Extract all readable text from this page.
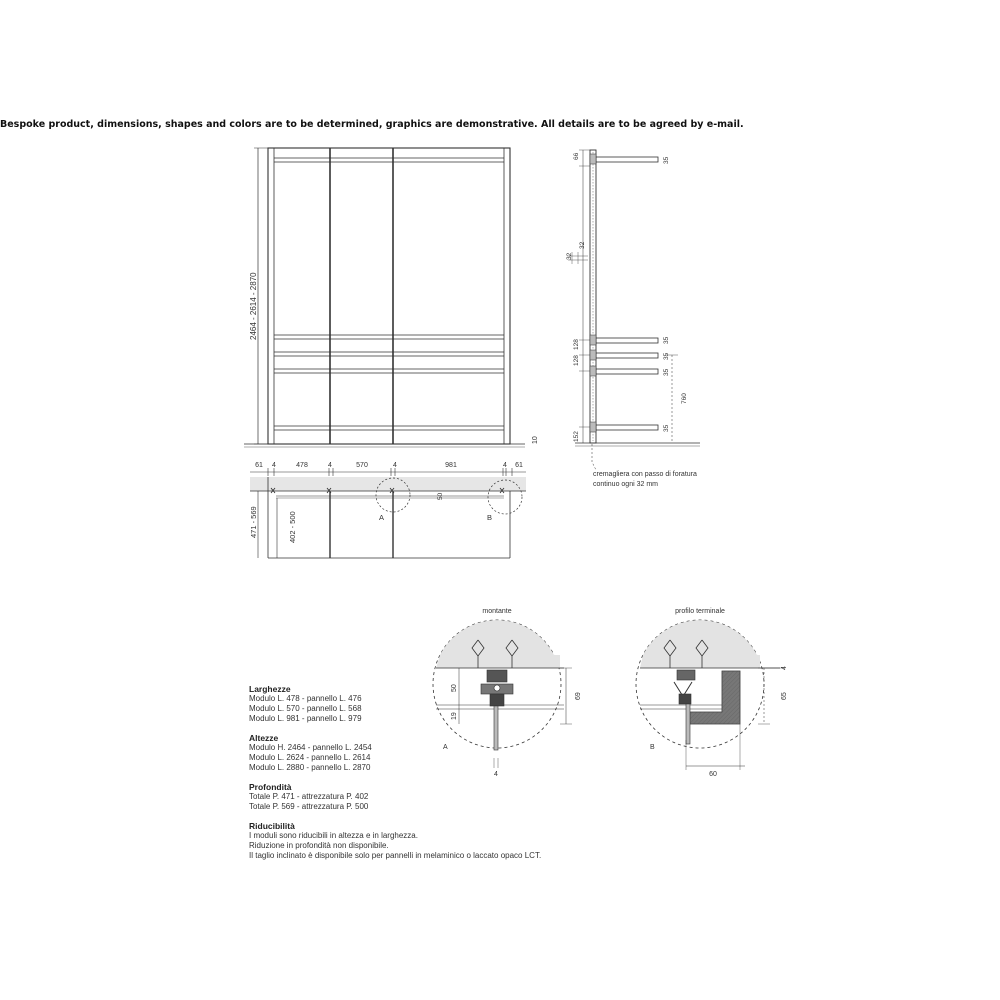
Bespoke product, dimensions, shapes and colors are to be determined, graphics are demonstrative. All details are to be agreed by e-mail.
2464 - 2614 - 2870
10
61 4	478	4	570	4	981	4 61
471 - 569	402 - 500
50
A	B
66
35
32
32
128
128	35
35
35
760
152
35
cremagliera con passo di foratura
continuo ogni 32 mm
montante
50
69
19
4
A
profilo terminale
4
65
60
B
Larghezze
Modulo L. 478 - pannello L. 476
Modulo L. 570 - pannello L. 568
Modulo L. 981 - pannello L. 979
Altezze
Modulo H. 2464 - pannello L. 2454
Modulo L. 2624 - pannello L. 2614
Modulo L. 2880 - pannello L. 2870
Profondità
Totale P. 471 - attrezzatura P. 402
Totale P. 569 - attrezzatura P. 500
Riducibilità
I moduli sono riducibili in altezza e in larghezza.
Riduzione in profondità non disponibile.
Il taglio inclinato è disponibile solo per pannelli in melaminico o laccato opaco LCT.
